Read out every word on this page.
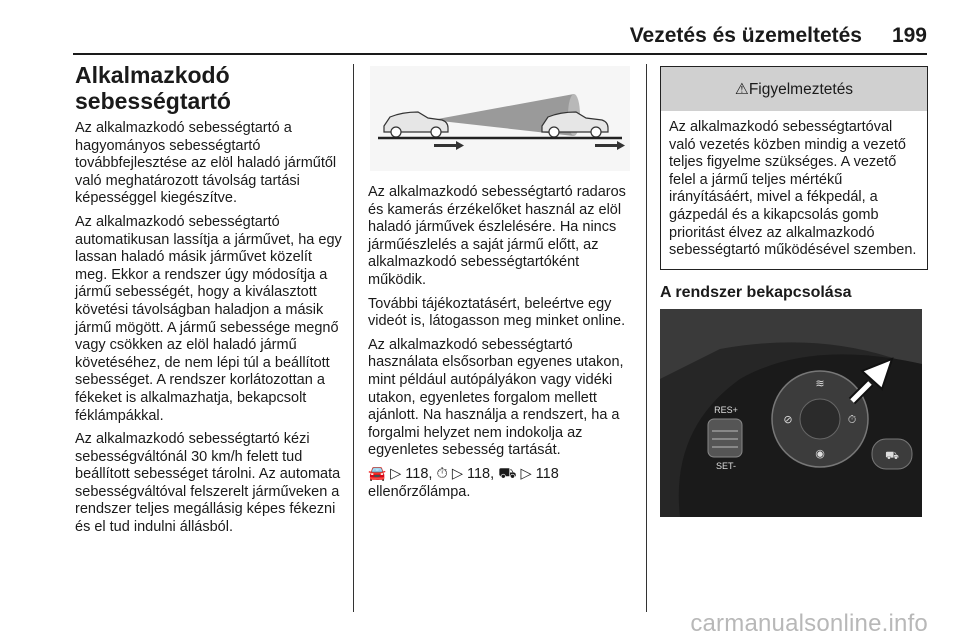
Vezetés és üzemeltetés 199
Alkalmazkodó sebességtartó

Az alkalmazkodó sebességtartó a hagyományos sebességtartó továbbfejlesztése az elöl haladó járműtől való meghatározott távolság tartási képességgel kiegészítve.

Az alkalmazkodó sebességtartó automatikusan lassítja a járművet, ha egy lassan haladó másik járművet közelít meg. Ekkor a rendszer úgy módosítja a jármű sebességét, hogy a kiválasztott követési távolságban haladjon a másik jármű mögött. A jármű sebessége megnő vagy csökken az elöl haladó jármű követéséhez, de nem lépi túl a beállított sebességet. A rendszer korlátozottan a fékeket is alkalmazhatja, bekapcsolt féklámpákkal.

Az alkalmazkodó sebességtartó kézi sebességváltónál 30 km/h felett tud beállított sebességet tárolni. Az automata sebességváltóval felszerelt járműveken a rendszer teljes megállásig képes fékezni és el tud indulni állásból.

Az alkalmazkodó sebességtartó radaros és kamerás érzékelőket használ az elöl haladó járművek észlelésére. Ha nincs járműészlelés a saját jármű előtt, az alkalmazkodó sebességtartóként működik.

További tájékoztatásért, beleértve egy videót is, látogasson meg minket online.

Az alkalmazkodó sebességtartó használata elsősorban egyenes utakon, mint például autópályákon vagy vidéki utakon, egyenletes forgalom mellett ajánlott. Na használja a rendszert, ha a forgalmi helyzet nem indokolja az egyenletes sebesség tartását.

🚘 ▷ 118, ⏱ ▷ 118, ⛟ ▷ 118
ellenőrzőlámpa.

⚠Figyelmeztetés
Az alkalmazkodó sebességtartóval való vezetés közben mindig a vezető teljes figyelme szükséges. A vezető felel a jármű teljes mértékű irányításáért, mivel a fékpedál, a gázpedál és a kikapcsolás gomb prioritást élvez az alkalmazkodó sebességtartó működésével szemben.
A rendszer bekapcsolása
RES+
SET-
≋
⊘	⏱
◉	⛟
carmanualsonline.info
